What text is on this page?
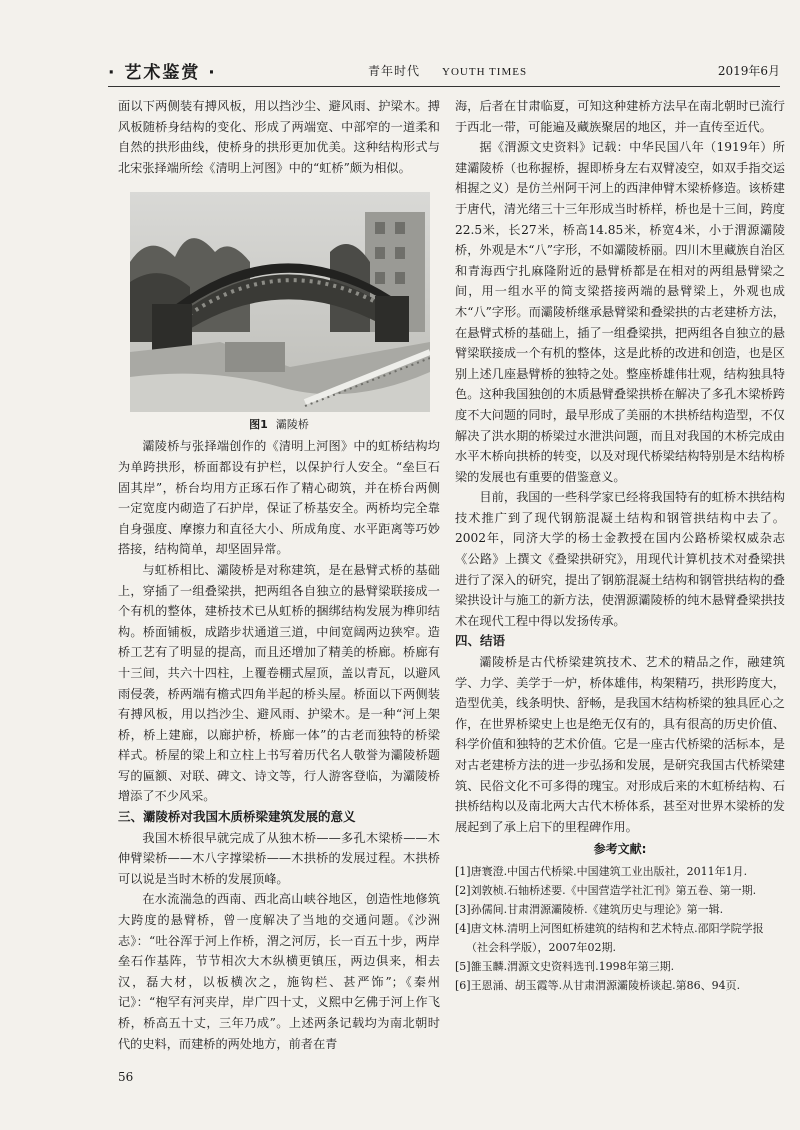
· 艺术鉴赏 ·	青年时代 YOUTH TIMES	2019年6月

面以下两侧装有搏风板，用以挡沙尘、避风雨、护梁木。搏风板随桥身结构的变化、形成了两端宽、中部窄的一道柔和自然的拱形曲线，使桥身的拱形更加优美。这种结构形式与北宋张择端所绘《清明上河图》中的“虹桥”颇为相似。

图1 灞陵桥

灞陵桥与张择端创作的《清明上河图》中的虹桥结构均为单跨拱形，桥面都设有护栏，以保护行人安全。“垒巨石固其岸”，桥台均用方正琢石作了精心砌筑，并在桥台两侧一定宽度内砌造了石护岸，保证了桥基安全。两桥均完全靠自身强度、摩擦力和直径大小、所成角度、水平距离等巧妙搭接，结构简单，却坚固异常。

与虹桥相比、灞陵桥是对称建筑，是在悬臂式桥的基础上，穿插了一组叠梁拱，把两组各自独立的悬臂梁联接成一个有机的整体，建桥技术已从虹桥的捆绑结构发展为榫卯结构。桥面铺板，成踏步状通道三道，中间宽阔两边狭窄。造桥工艺有了明显的提高，而且还增加了精美的桥廊。桥廊有十三间，共六十四柱，上覆卷棚式屋顶，盖以青瓦，以避风雨侵袭，桥两端有檐式四角半起的桥头屋。桥面以下两侧装有搏风板，用以挡沙尘、避风雨、护梁木。是一种“河上架桥，桥上建廊，以廊护桥，桥廊一体”的古老而独特的桥梁样式。桥屋的梁上和立柱上书写着历代名人敬誉为灞陵桥题写的匾额、对联、碑文、诗文等，行人游客登临，为灞陵桥增添了不少风采。

三、灞陵桥对我国木质桥梁建筑发展的意义

我国木桥很早就完成了从独木桥——多孔木梁桥——木伸臂梁桥——木八字撑梁桥——木拱桥的发展过程。木拱桥可以说是当时木桥的发展顶峰。

在水流湍急的西南、西北高山峡谷地区，创造性地修筑大跨度的悬臂桥，曾一度解决了当地的交通问题。《沙洲志》：“吐谷浑于河上作桥，渭之河厉，长一百五十步，两岸垒石作基阵，节节相次大木纵横更镇压，两边俱来，相去汉，磊大材，以板横次之，施钩栏、甚严饰”；《秦州记》：“枹罕有河夹岸，岸广四十丈，义熙中乞佛于河上作飞桥，桥高五十丈，三年乃成”。上述两条记载均为南北朝时代的史料，而建桥的两处地方，前者在青

海，后者在甘肃临夏，可知这种建桥方法早在南北朝时已流行于西北一带，可能遍及藏族聚居的地区，并一直传至近代。

据《渭源文史资料》记载：中华民国八年（1919年）所建灞陵桥（也称握桥，握即桥身左右双臂凌空，如双手指交运相握之义）是仿兰州阿干河上的西津伸臂木梁桥修造。该桥建于唐代，清光绪三十三年形成当时桥样，桥也是十三间，跨度22.5米，长27米，桥高14.85米，桥宽4米，小于渭源灞陵桥，外观是木“八”字形，不如灞陵桥丽。四川木里藏族自治区和青海西宁扎麻隆附近的悬臂桥都是在相对的两组悬臂梁之间，用一组水平的简支梁搭接两端的悬臂梁上，外观也成木“八”字形。而灞陵桥继承悬臂梁和叠梁拱的古老建桥方法，在悬臂式桥的基础上，插了一组叠梁拱，把两组各自独立的悬臂梁联接成一个有机的整体，这是此桥的改进和创造，也是区别上述几座悬臂桥的独特之处。整座桥雄伟壮观，结构独具特色。这种我国独创的木质悬臂叠梁拱桥在解决了多孔木梁桥跨度不大问题的同时，最早形成了美丽的木拱桥结构造型，不仅解决了洪水期的桥梁过水泄洪问题，而且对我国的木桥完成由水平木桥向拱桥的转变，以及对现代桥梁结构特别是木结构桥梁的发展也有重要的借鉴意义。

目前，我国的一些科学家已经将我国特有的虹桥木拱结构技术推广到了现代钢筋混凝土结构和钢管拱结构中去了。2002年，同济大学的杨士金教授在国内公路桥梁权威杂志《公路》上撰文《叠梁拱研究》，用现代计算机技术对叠梁拱进行了深入的研究，提出了钢筋混凝土结构和钢管拱结构的叠梁拱设计与施工的新方法，使渭源灞陵桥的纯木悬臂叠梁拱技术在现代工程中得以发扬传承。

四、结语

灞陵桥是古代桥梁建筑技术、艺术的精品之作，融建筑学、力学、美学于一炉，桥体雄伟，构架精巧，拱形跨度大，造型优美，线条明快、舒畅，是我国木结构桥梁的独具匠心之作，在世界桥梁史上也是绝无仅有的，具有很高的历史价值、科学价值和独特的艺术价值。它是一座古代桥梁的活标本，是对古老建桥方法的进一步弘扬和发展，是研究我国古代桥梁建筑、民俗文化不可多得的瑰宝。对形成后来的木虹桥结构、石拱桥结构以及南北两大古代木桥体系，甚至对世界木梁桥的发展起到了承上启下的里程碑作用。

参考文献:
[1]唐寰澄.中国古代桥梁.中国建筑工业出版社，2011年1月.
[2]刘敦桢.石轴桥述要.《中国营造学社汇刊》第五卷、第一期.
[3]孙儒间.甘肃渭源灞陵桥.《建筑历史与理论》第一辑.
[4]唐文林.清明上河图虹桥建筑的结构和艺术特点.邵阳学院学报
（社会科学版），2007年02期.
[5]雒玉麟.渭源文史资料选刊.1998年第三期.
[6]王恩涌、胡玉霞等.从甘肃渭源灞陵桥谈起.第86、94页.
56
